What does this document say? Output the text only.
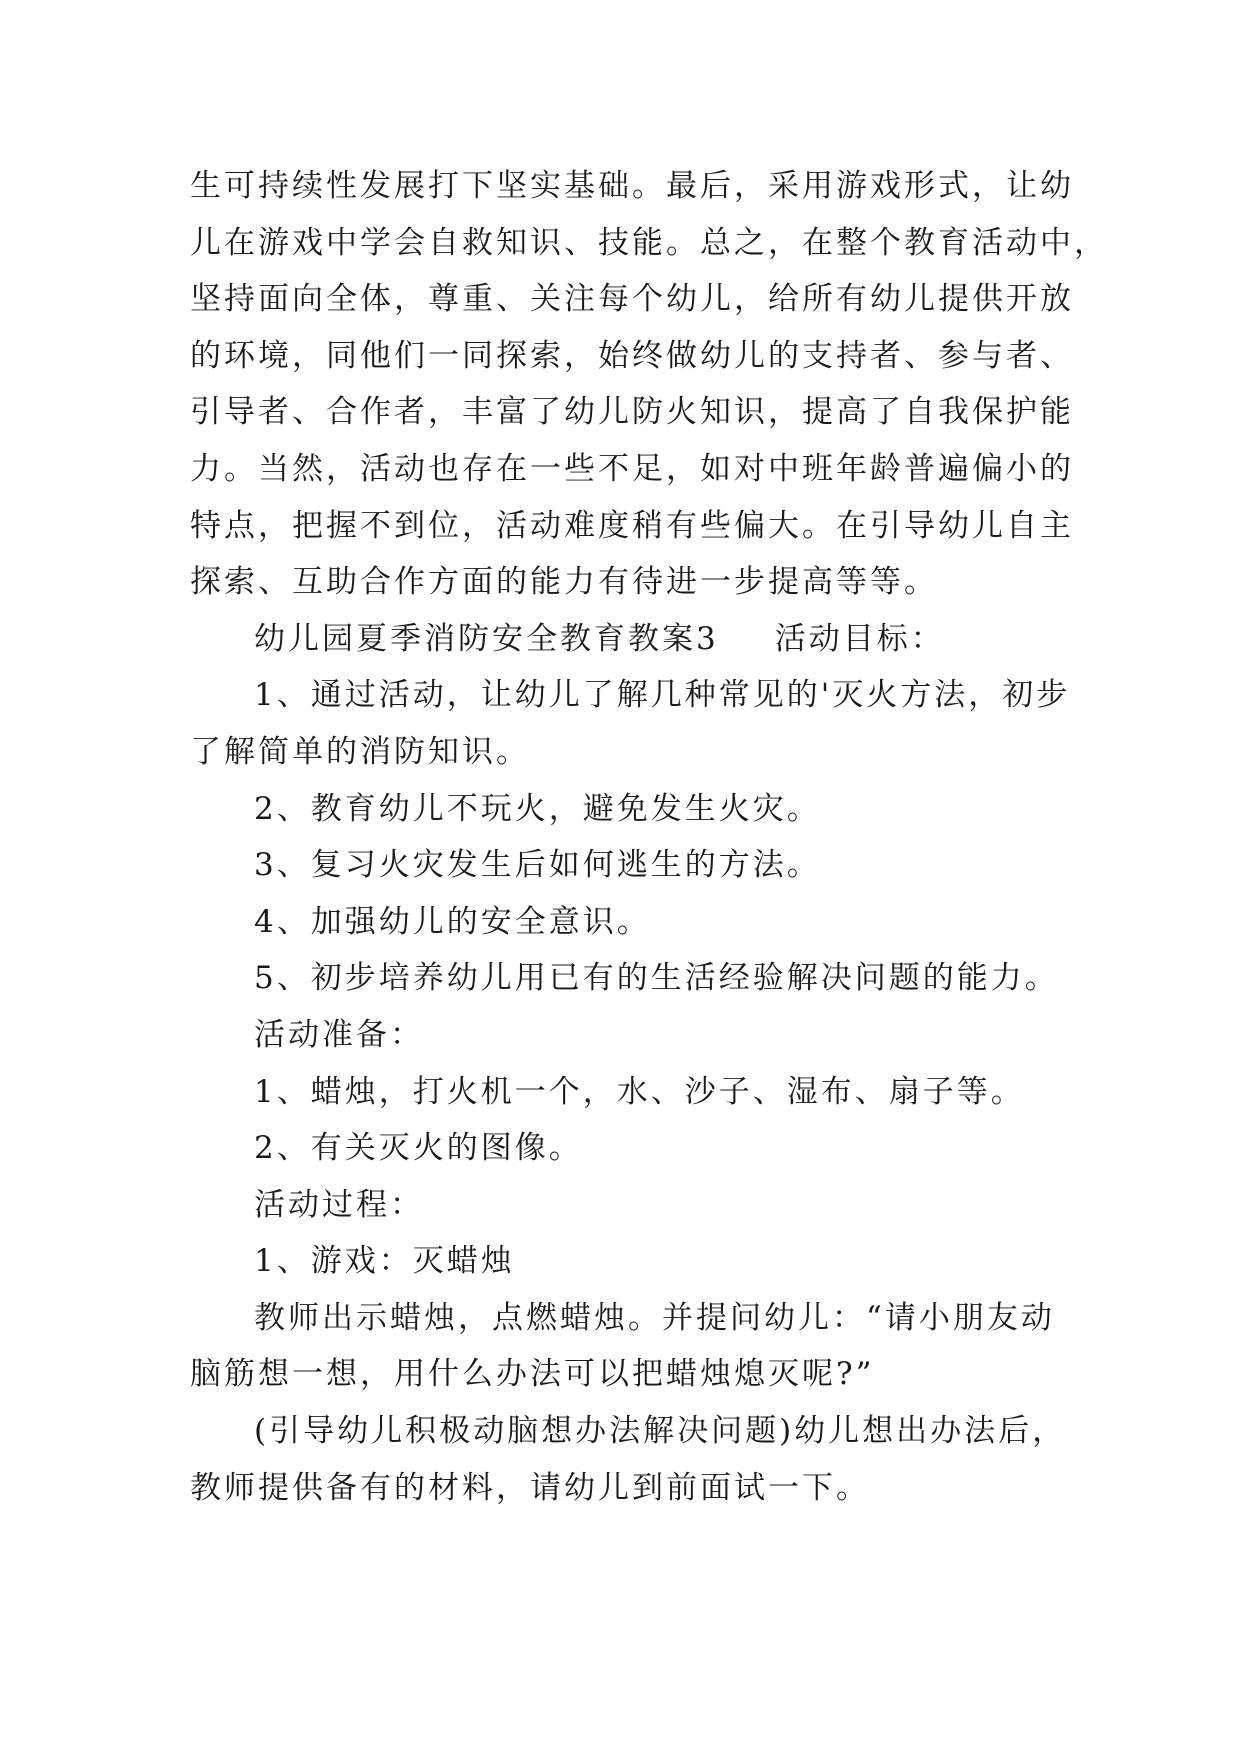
生可持续性发展打下坚实基础。最后，采用游戏形式，让幼
儿在游戏中学会自救知识、技能。总之，在整个教育活动中，
坚持面向全体，尊重、关注每个幼儿，给所有幼儿提供开放
的环境，同他们一同探索，始终做幼儿的支持者、参与者、
引导者、合作者，丰富了幼儿防火知识，提高了自我保护能
力。当然，活动也存在一些不足，如对中班年龄普遍偏小的
特点，把握不到位，活动难度稍有些偏大。在引导幼儿自主
探索、互助合作方面的能力有待进一步提高等等。
幼儿园夏季消防安全教育教案3 活动目标：
1、通过活动，让幼儿了解几种常见的'灭火方法，初步
了解简单的消防知识。
2、教育幼儿不玩火，避免发生火灾。
3、复习火灾发生后如何逃生的方法。
4、加强幼儿的安全意识。
5、初步培养幼儿用已有的生活经验解决问题的能力。
活动准备：
1、蜡烛，打火机一个，水、沙子、湿布、扇子等。
2、有关灭火的图像。
活动过程：
1、游戏：灭蜡烛
教师出示蜡烛，点燃蜡烛。并提问幼儿：“请小朋友动
脑筋想一想，用什么办法可以把蜡烛熄灭呢?”
(引导幼儿积极动脑想办法解决问题)幼儿想出办法后，
教师提供备有的材料，请幼儿到前面试一下。
